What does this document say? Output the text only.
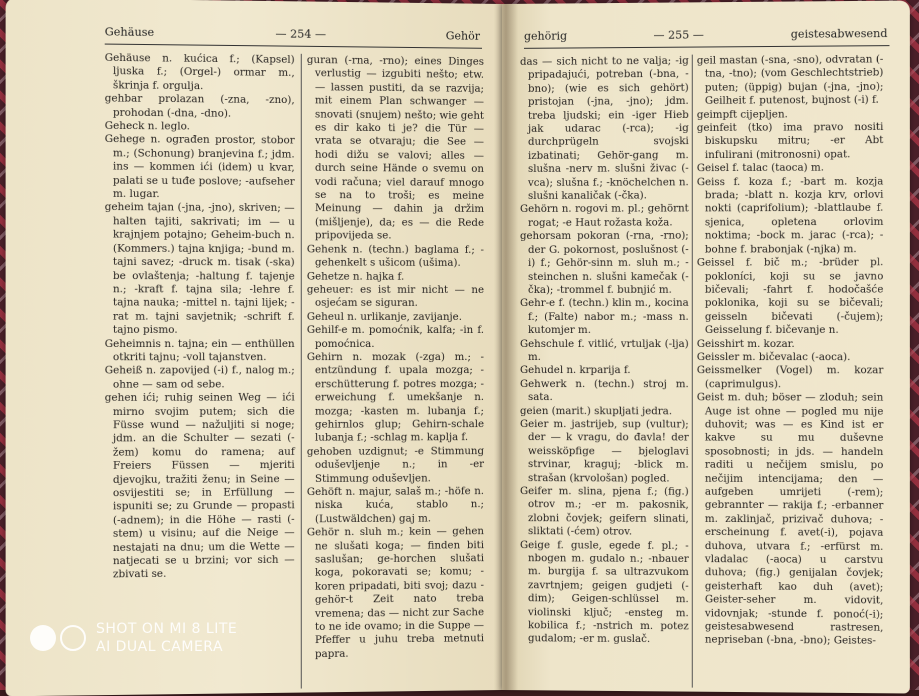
Gehäuse	— 254 —	Gehör

Gehäuse n. kućica f.; (Kapsel) ljuska f.; (Orgel-) ormar m., škrinja f. orgulja.

gehbar prolazan (-zna, -zno), prohodan (-dna, -dno).

Geheck n. leglo.

Gehege n. ograđen prostor, stobor m.; (Schonung) branjevina f.; jdm. ins — kommen ići (idem) u kvar, palati se u tuđe poslove; -aufseher m. lugar.

geheim tajan (-jna, -jno), skriven; — halten tajiti, sakrivati; im — u krajnjem potajno; Geheim-buch n. (Kommers.) tajna knjiga; -bund m. tajni savez; -druck m. tisak (-ska) be ovlaštenja; -haltung f. tajenje n.; -kraft f. tajna sila; -lehre f. tajna nauka; -mittel n. tajni lijek; -rat m. tajni savjetnik; -schrift f. tajno pismo.

Geheimnis n. tajna; ein — enthüllen otkriti tajnu; -voll tajanstven.

Geheiß n. zapovijed (-i) f., nalog m.; ohne — sam od sebe.

gehen ići; ruhig seinen Weg — ići mirno svojim putem; sich die Füsse wund — nažuljiti si noge; jdm. an die Schulter — sezati (-žem) komu do ramena; auf Freiers Füssen — mjeriti djevojku, tražiti ženu; in Seine — osvijestiti se; in Erfüllung — ispuniti se; zu Grunde — propasti (-adnem); in die Höhe — rasti (-stem) u visinu; auf die Neige — nestajati na dnu; um die Wette — natjecati se u brzini; vor sich — zbivati se.

guran (-rna, -rno); eines Dinges verlustig — izgubiti nešto; etw. — lassen pustiti, da se razvija; mit einem Plan schwanger — snovati (snujem) nešto; wie geht es dir kako ti je? die Tür — vrata se otvaraju; die See — hodi dižu se valovi; alles — durch seine Hände o svemu on vodi računa; viel darauf mnogo se na to troši; es meine Meinung — dahin ja držim (mišljenje), da; es — die Rede pripovijeda se.

Gehenk n. (techn.) baglama f.; -gehenkelt s ušicom (ušima).

Gehetze n. hajka f.

geheuer: es ist mir nicht — ne osjećam se siguran.

Geheul n. urlikanje, zavijanje.

Gehilf-e m. pomoćnik, kalfa; -in f. pomoćnica.

Gehirn n. mozak (-zga) m.; -entzündung f. upala mozga; -erschütterung f. potres mozga; -erweichung f. umekšanje n. mozga; -kasten m. lubanja f.; gehirnlos glup; Gehirn-schale lubanja f.; -schlag m. kaplja f.

gehoben uzdignut; -e Stimmung oduševljenje n.; in -er Stimmung oduševljen.

Gehöft n. majur, salaš m.; -höfe n. niska kuća, stablo n.; (Lustwäldchen) gaj m.

Gehör n. sluh m.; kein — gehen ne slušati koga; — finden biti saslušan; ge-horchen slušati koga, pokoravati se; komu; -koren pripadati, biti svoj; dazu -gehör-t Zeit nato treba vremena; das — nicht zur Sache to ne ide ovamo; in die Suppe — Pfeffer u juhu treba metnuti papra.

gehörig	— 255 —	geistesabwesend

das — sich nicht to ne valja; -ig pripadajući, potreban (-bna, -bno); (wie es sich gehört) pristojan (-jna, -jno); jdm. treba ljudski; ein -iger Hieb jak udarac (-rca); -ig durchprügeln svojski izbatinati; Gehör-gang m. slušna -nerv m. slušni živac (-vca); slušna f.; -knöchelchen n. slušni kanaličak (-čka).

Gehörn n. rogovi m. pl.; gehörnt rogat; -e Haut rožasta koža.

gehorsam pokoran (-rna, -rno); der G. pokornost, poslušnost (-i) f.; Gehör-sinn m. sluh m.; -steinchen n. slušni kamečak (-čka); -trommel f. bubnjić m.

Gehr-e f. (techn.) klin m., kocina f.; (Falte) nabor m.; -mass n. kutomjer m.

Gehschule f. vitlić, vrtuljak (-lja) m.

Gehudel n. krparija f.

Gehwerk n. (techn.) stroj m. sata.

geien (marit.) skupljati jedra.

Geier m. jastrijeb, sup (vultur); der — k vragu, do đavla! der weissköpfige — bjeloglavi strvinar, kraguj; -blick m. strašan (krvološan) pogled.

Geifer m. slina, pjena f.; (fig.) otrov m.; -er m. pakosnik, zlobni čovjek; geifern slinati, sliktati (-ćem) otrov.

Geige f. gusle, egede f. pl.; -nbogen m. gudalo n.; -nbauer m. burgija f. sa ultrazvukom zavrtnjem; geigen gudjeti (-dim); Geigen-schlüssel m. violinski ključ; -ensteg m. kobilica f.; -nstrich m. potez gudalom; -er m. guslač.

geil mastan (-sna, -sno), odvratan (-tna, -tno); (vom Geschlechtstrieb) puten; (üppig) bujan (-jna, -jno); Geilheit f. putenost, bujnost (-i) f.

geimpft cijepljen.

geinfeit (tko) ima pravo nositi biskupsku mitru; -er Abt infulirani (mitronosni) opat.

Geisel f. talac (taoca) m.

Geiss f. koza f.; -bart m. kozja brada; -blatt n. kozja krv, orlovi nokti (caprifolium); -blattlaube f. sjenica, opletena orlovim noktima; -bock m. jarac (-rca); -bohne f. brabonjak (-njka) m.

Geissel f. bič m.; -brüder pl. pokloníci, koji su se javno bičevali; -fahrt f. hodočašće poklonika, koji su se bičevali; geisseln bičevati (-čujem); Geisselung f. bičevanje n.

Geisshirt m. kozar.

Geissler m. bičevalac (-aoca).

Geissmelker (Vogel) m. kozar (caprimulgus).

Geist m. duh; böser — zloduh; sein Auge ist ohne — pogled mu nije duhovit; was — es Kind ist er kakve su mu duševne sposobnosti; in jds. — handeln raditi u nečijem smislu, po nečijim intencijama; den — aufgeben umrijeti (-rem); gebrannter — rakija f.; -erbanner m. zaklinjač, prizivač duhova; -erscheinung f. avet(-i), pojava duhova, utvara f.; -erfürst m. vladalac (-aoca) u carstvu duhova; (fig.) genijalan čovjek; geisterhaft kao duh (avet); Geister-seher m. vidovit, vidovnjak; -stunde f. ponoć(-i); geistesabwesend rastresen, nepriseban (-bna, -bno); Geistes-

SHOT ON MI 8 LITE
AI DUAL CAMERA
